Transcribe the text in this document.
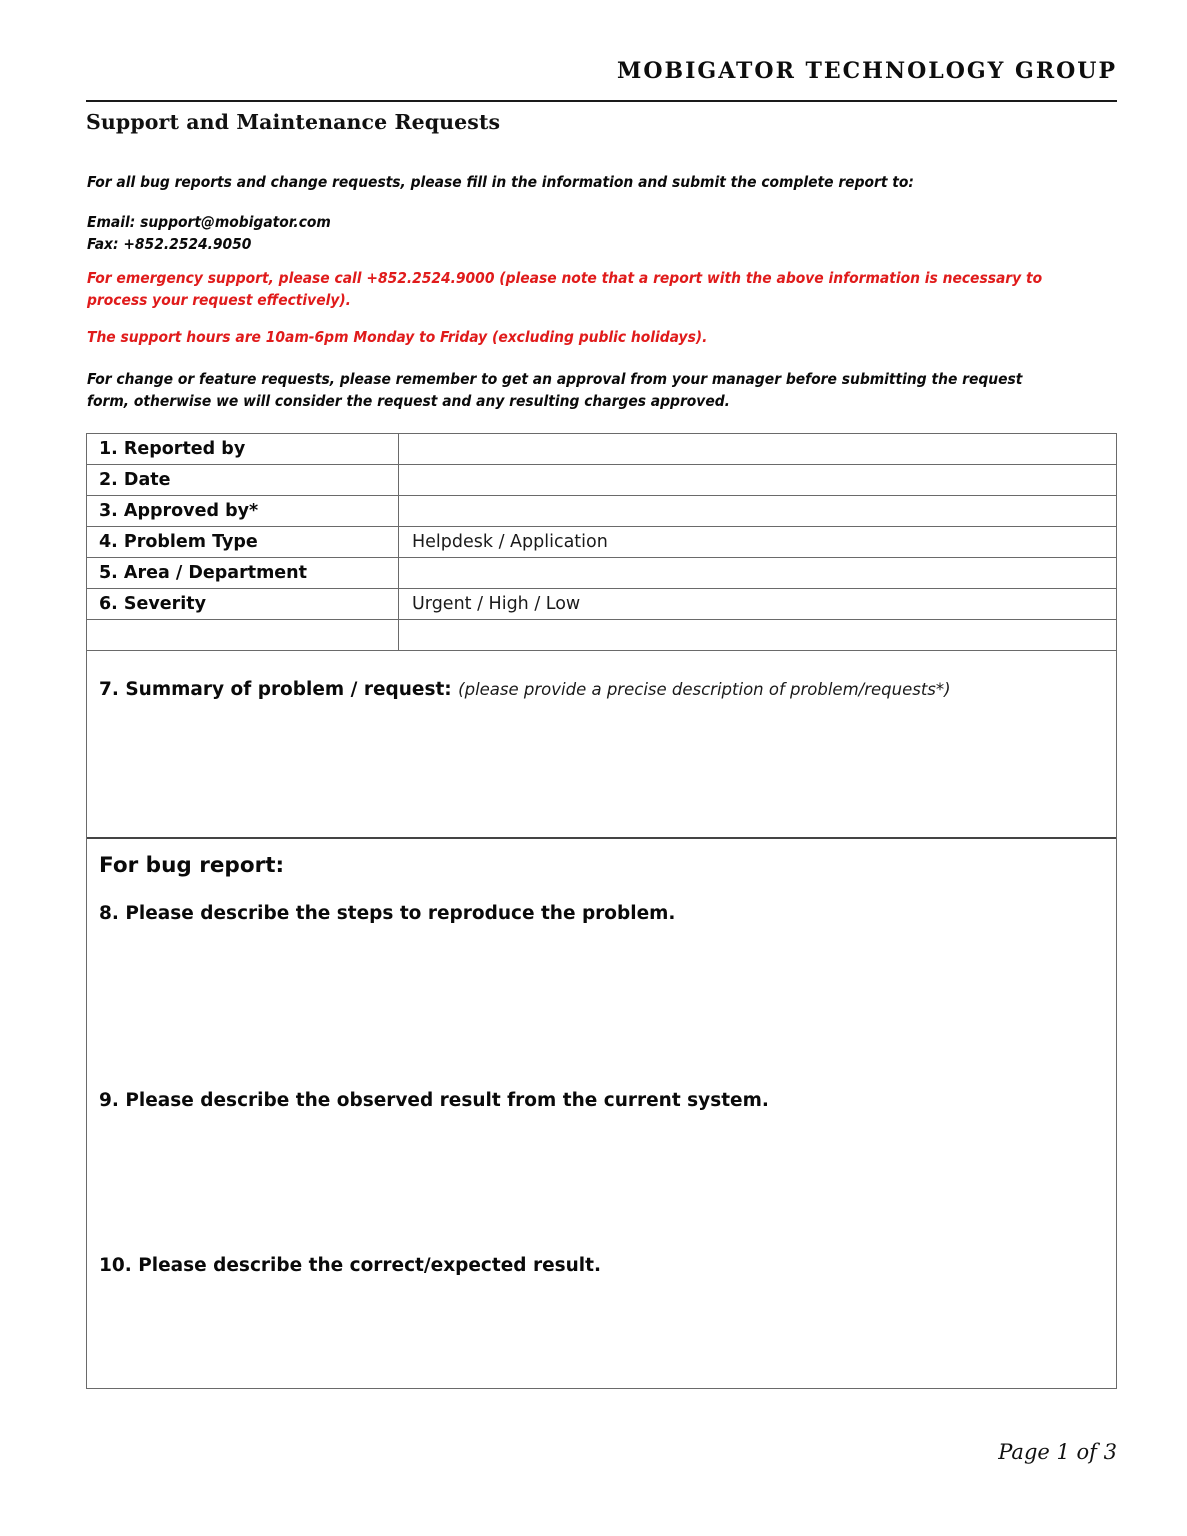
MOBIGATOR TECHNOLOGY GROUP
Support and Maintenance Requests
For all bug reports and change requests, please fill in the information and submit the complete report to:
Email: support@mobigator.com
Fax: +852.2524.9050
For emergency support, please call +852.2524.9000 (please note that a report with the above information is necessary to process your request effectively).
The support hours are 10am-6pm Monday to Friday (excluding public holidays).
For change or feature requests, please remember to get an approval from your manager before submitting the request form, otherwise we will consider the request and any resulting charges approved.
1. Reported by	
2. Date	
3. Approved by*	
4. Problem Type	Helpdesk / Application
5. Area / Department	
6. Severity	Urgent / High / Low

7. Summary of problem / request: (please provide a precise description of problem/requests*)
For bug report:
8. Please describe the steps to reproduce the problem.
9. Please describe the observed result from the current system.
10. Please describe the correct/expected result.
Page 1 of 3
